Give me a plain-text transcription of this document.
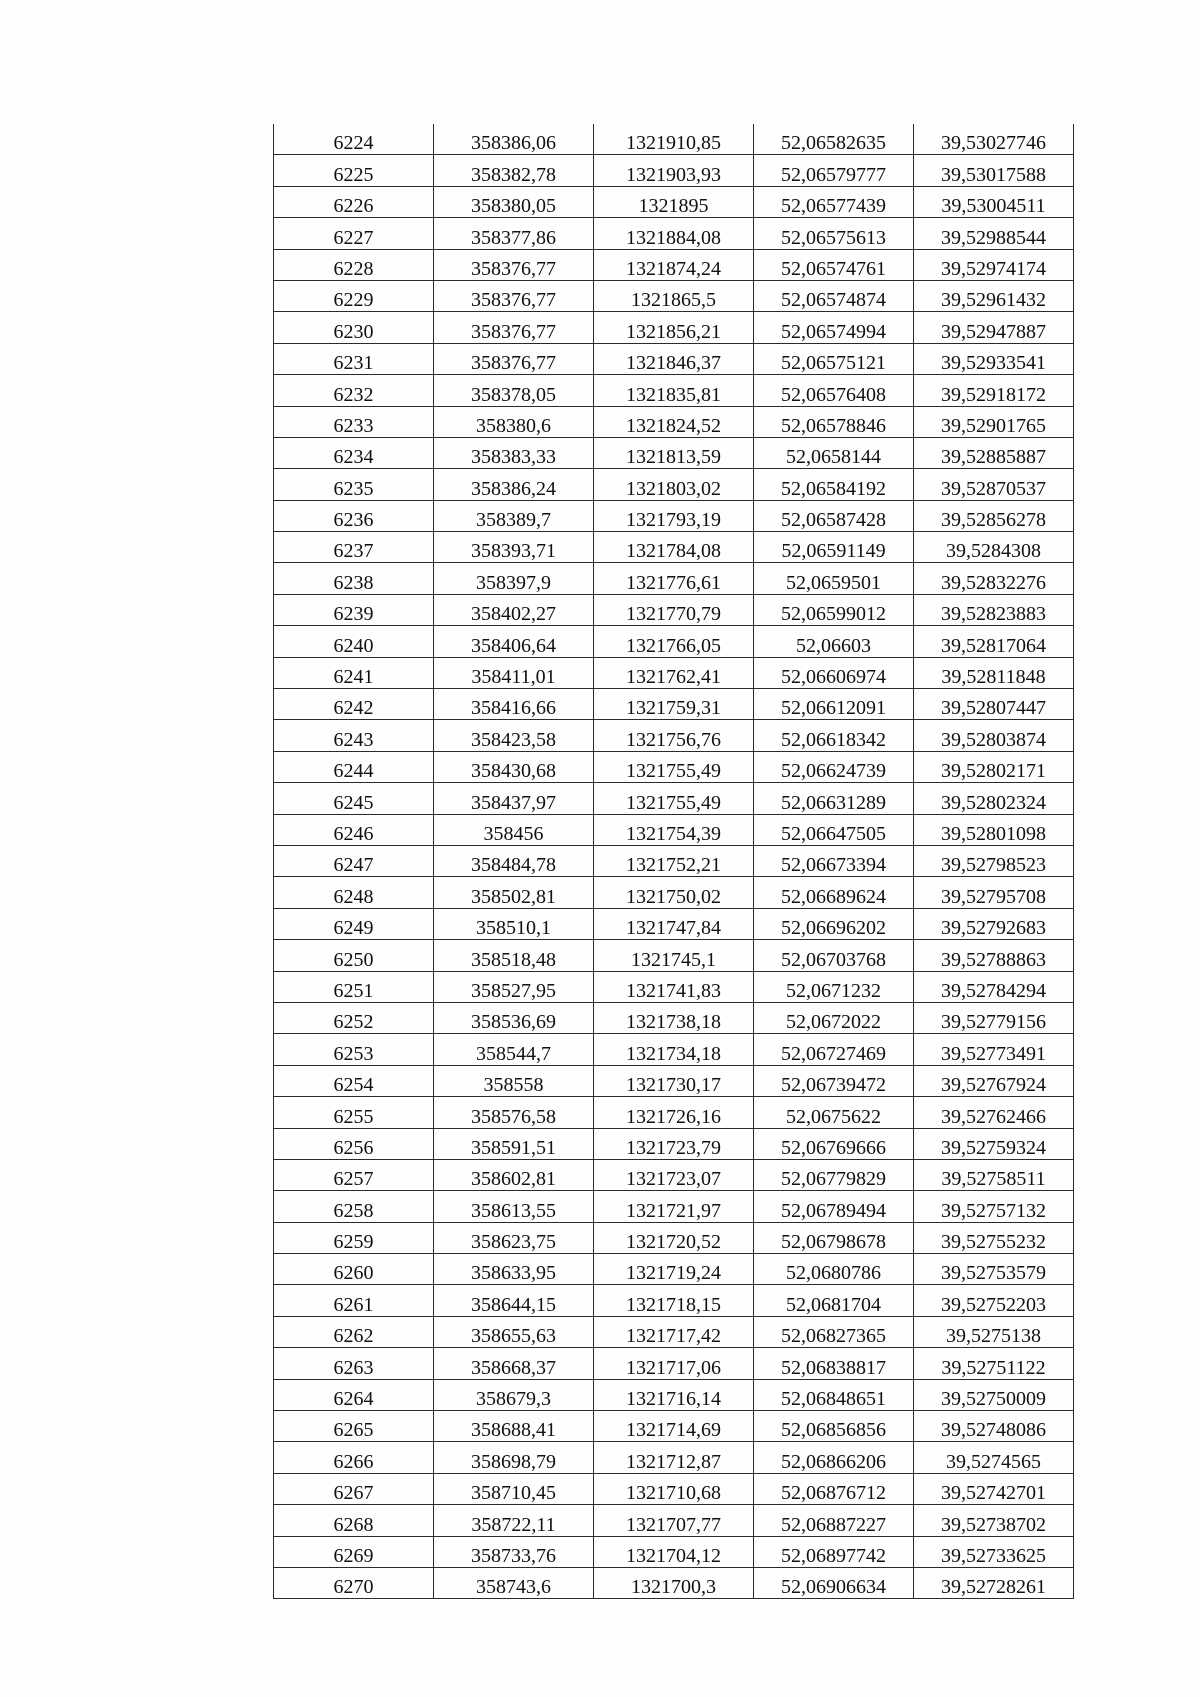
6224	358386,06	1321910,85	52,06582635	39,53027746
6225	358382,78	1321903,93	52,06579777	39,53017588
6226	358380,05	1321895	52,06577439	39,53004511
6227	358377,86	1321884,08	52,06575613	39,52988544
6228	358376,77	1321874,24	52,06574761	39,52974174
6229	358376,77	1321865,5	52,06574874	39,52961432
6230	358376,77	1321856,21	52,06574994	39,52947887
6231	358376,77	1321846,37	52,06575121	39,52933541
6232	358378,05	1321835,81	52,06576408	39,52918172
6233	358380,6	1321824,52	52,06578846	39,52901765
6234	358383,33	1321813,59	52,0658144	39,52885887
6235	358386,24	1321803,02	52,06584192	39,52870537
6236	358389,7	1321793,19	52,06587428	39,52856278
6237	358393,71	1321784,08	52,06591149	39,5284308
6238	358397,9	1321776,61	52,0659501	39,52832276
6239	358402,27	1321770,79	52,06599012	39,52823883
6240	358406,64	1321766,05	52,06603	39,52817064
6241	358411,01	1321762,41	52,06606974	39,52811848
6242	358416,66	1321759,31	52,06612091	39,52807447
6243	358423,58	1321756,76	52,06618342	39,52803874
6244	358430,68	1321755,49	52,06624739	39,52802171
6245	358437,97	1321755,49	52,06631289	39,52802324
6246	358456	1321754,39	52,06647505	39,52801098
6247	358484,78	1321752,21	52,06673394	39,52798523
6248	358502,81	1321750,02	52,06689624	39,52795708
6249	358510,1	1321747,84	52,06696202	39,52792683
6250	358518,48	1321745,1	52,06703768	39,52788863
6251	358527,95	1321741,83	52,0671232	39,52784294
6252	358536,69	1321738,18	52,0672022	39,52779156
6253	358544,7	1321734,18	52,06727469	39,52773491
6254	358558	1321730,17	52,06739472	39,52767924
6255	358576,58	1321726,16	52,0675622	39,52762466
6256	358591,51	1321723,79	52,06769666	39,52759324
6257	358602,81	1321723,07	52,06779829	39,52758511
6258	358613,55	1321721,97	52,06789494	39,52757132
6259	358623,75	1321720,52	52,06798678	39,52755232
6260	358633,95	1321719,24	52,0680786	39,52753579
6261	358644,15	1321718,15	52,0681704	39,52752203
6262	358655,63	1321717,42	52,06827365	39,5275138
6263	358668,37	1321717,06	52,06838817	39,52751122
6264	358679,3	1321716,14	52,06848651	39,52750009
6265	358688,41	1321714,69	52,06856856	39,52748086
6266	358698,79	1321712,87	52,06866206	39,5274565
6267	358710,45	1321710,68	52,06876712	39,52742701
6268	358722,11	1321707,77	52,06887227	39,52738702
6269	358733,76	1321704,12	52,06897742	39,52733625
6270	358743,6	1321700,3	52,06906634	39,52728261
